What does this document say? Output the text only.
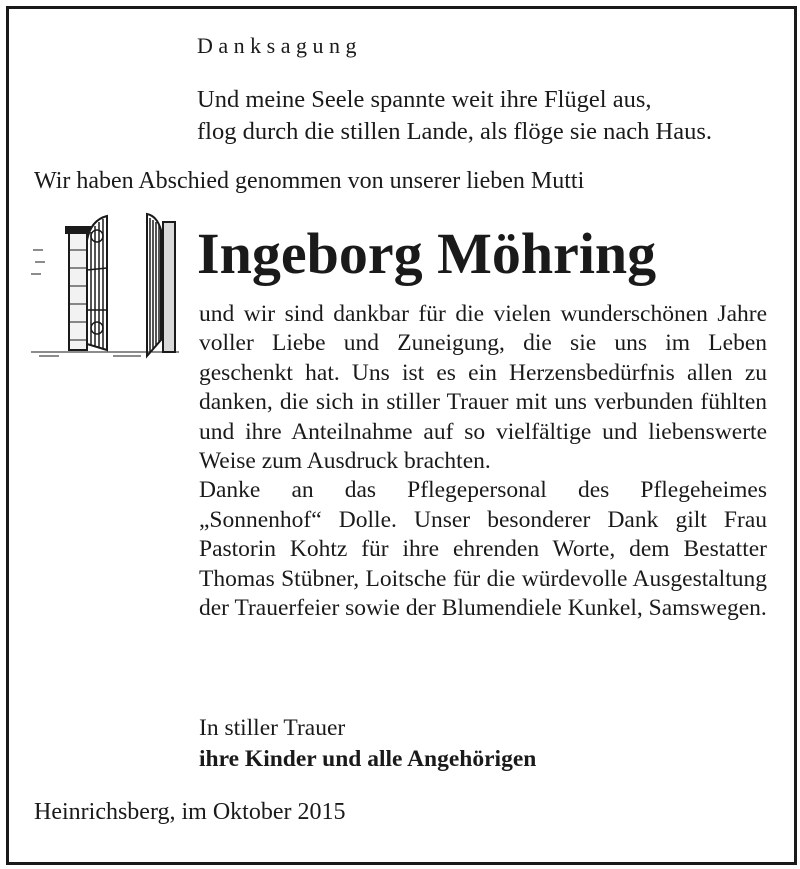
Danksagung
Und meine Seele spannte weit ihre Flügel aus,
flog durch die stillen Lande, als flöge sie nach Haus.
Wir haben Abschied genommen von unserer lieben Mutti
Ingeborg Möhring

und wir sind dankbar für die vielen wunderschönen Jahre voller Liebe und Zuneigung, die sie uns im Leben geschenkt hat. Uns ist es ein Herzensbedürfnis allen zu danken, die sich in stiller Trauer mit uns verbunden fühlten und ihre Anteilnahme auf so vielfältige und liebenswerte Weise zum Ausdruck brachten.

Danke an das Pflegepersonal des Pflegeheimes „Sonnenhof“ Dolle. Unser besonderer Dank gilt Frau Pastorin Kohtz für ihre ehrenden Worte, dem Bestatter Thomas Stübner, Loitsche für die würdevolle Ausgestaltung der Trauerfeier sowie der Blumendiele Kunkel, Samswegen.

In stiller Trauer
ihre Kinder und alle Angehörigen
Heinrichsberg, im Oktober 2015
